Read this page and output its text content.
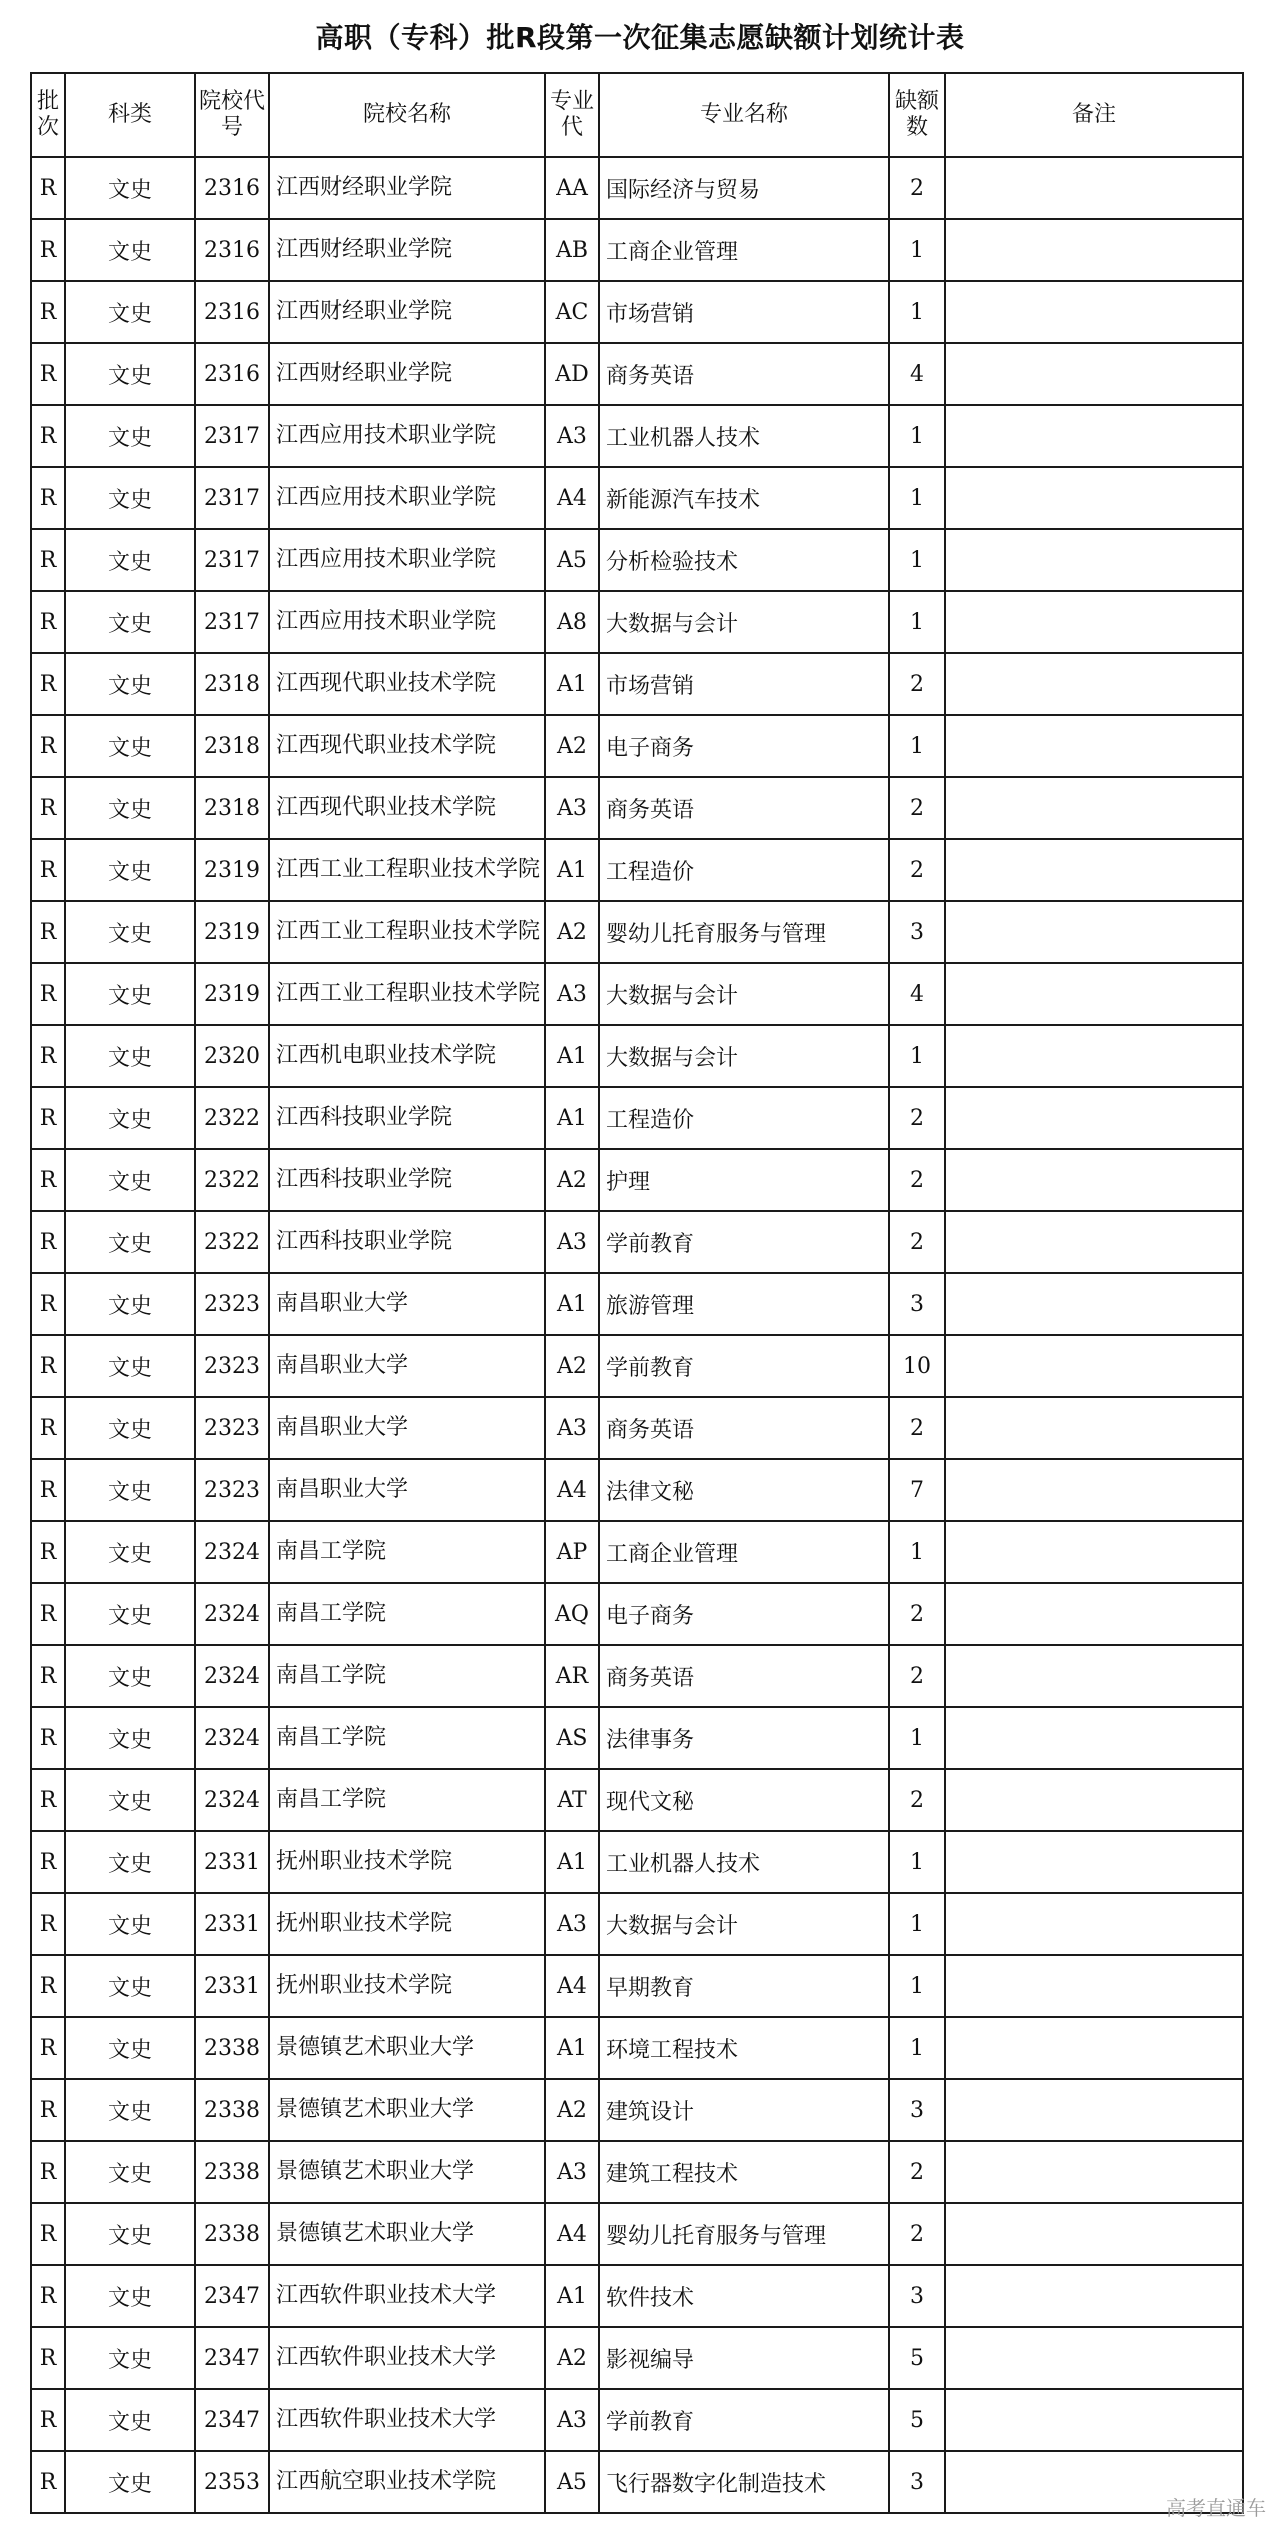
高职（专科）批R段第一次征集志愿缺额计划统计表
批次	科类	院校代号	院校名称	专业代	专业名称	缺额数	备注
R	文史	2316	江西财经职业学院	AA	国际经济与贸易	2	
R	文史	2316	江西财经职业学院	AB	工商企业管理	1	
R	文史	2316	江西财经职业学院	AC	市场营销	1	
R	文史	2316	江西财经职业学院	AD	商务英语	4	
R	文史	2317	江西应用技术职业学院	A3	工业机器人技术	1	
R	文史	2317	江西应用技术职业学院	A4	新能源汽车技术	1	
R	文史	2317	江西应用技术职业学院	A5	分析检验技术	1	
R	文史	2317	江西应用技术职业学院	A8	大数据与会计	1	
R	文史	2318	江西现代职业技术学院	A1	市场营销	2	
R	文史	2318	江西现代职业技术学院	A2	电子商务	1	
R	文史	2318	江西现代职业技术学院	A3	商务英语	2	
R	文史	2319	江西工业工程职业技术学院	A1	工程造价	2	
R	文史	2319	江西工业工程职业技术学院	A2	婴幼儿托育服务与管理	3	
R	文史	2319	江西工业工程职业技术学院	A3	大数据与会计	4	
R	文史	2320	江西机电职业技术学院	A1	大数据与会计	1	
R	文史	2322	江西科技职业学院	A1	工程造价	2	
R	文史	2322	江西科技职业学院	A2	护理	2	
R	文史	2322	江西科技职业学院	A3	学前教育	2	
R	文史	2323	南昌职业大学	A1	旅游管理	3	
R	文史	2323	南昌职业大学	A2	学前教育	10	
R	文史	2323	南昌职业大学	A3	商务英语	2	
R	文史	2323	南昌职业大学	A4	法律文秘	7	
R	文史	2324	南昌工学院	AP	工商企业管理	1	
R	文史	2324	南昌工学院	AQ	电子商务	2	
R	文史	2324	南昌工学院	AR	商务英语	2	
R	文史	2324	南昌工学院	AS	法律事务	1	
R	文史	2324	南昌工学院	AT	现代文秘	2	
R	文史	2331	抚州职业技术学院	A1	工业机器人技术	1	
R	文史	2331	抚州职业技术学院	A3	大数据与会计	1	
R	文史	2331	抚州职业技术学院	A4	早期教育	1	
R	文史	2338	景德镇艺术职业大学	A1	环境工程技术	1	
R	文史	2338	景德镇艺术职业大学	A2	建筑设计	3	
R	文史	2338	景德镇艺术职业大学	A3	建筑工程技术	2	
R	文史	2338	景德镇艺术职业大学	A4	婴幼儿托育服务与管理	2	
R	文史	2347	江西软件职业技术大学	A1	软件技术	3	
R	文史	2347	江西软件职业技术大学	A2	影视编导	5	
R	文史	2347	江西软件职业技术大学	A3	学前教育	5	
R	文史	2353	江西航空职业技术学院	A5	飞行器数字化制造技术	3	
高考直通车
